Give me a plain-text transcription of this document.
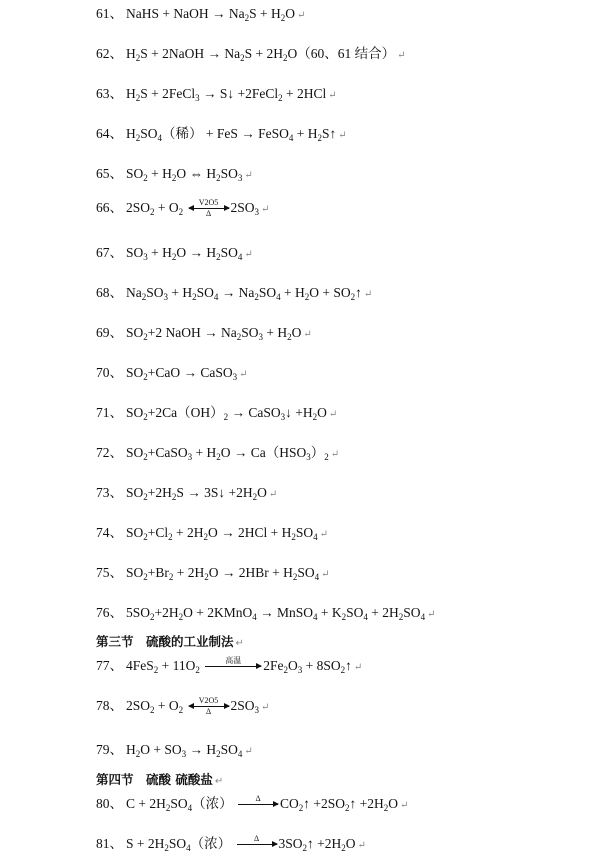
61、 NaHS + NaOH → $Na_2S + H_2O$ ↵
62、 $H_2S$ + 2NaOH → $Na_2S + 2H_2O(60$、61 结合） ↵
63、 $H_2S$ + 2FeCl$_3$ → S↓ +2FeCl$_2$ + 2HCl ↵
64、 $H_2SO_4$（稀） + FeS → FeSO$_4$ + $H_2S↑$ ↵
65、 $SO_2 + H_2O$ ⇔ $H_2SO_3$ ↵
66、 $2SO_2 + O_2 \frac{V2O5}{\Delta} 2SO_3$ ↵
67、 $SO_3 + H_2O \to H_2SO_4$ ↵
68、 $Na_2SO_3 + H_2SO_4 \to Na_2SO_4 + H_2O$ + $SO_2↑$ ↵
69、 $SO_2+2$ NaOH → $Na_2SO_3 + H_2O$ ↵
70、 $SO_2+CaO$ → CaSO$_3$ ↵
71、 $SO_2+2Ca(OH)_2$ → CaSO$_3$↓ $+H_2O$ ↵
72、 $SO_2+CaSO_3 + H_2O \to Ca(HSO_3)_2$ ↵
73、 $SO_2+2H_2S$ → 3S↓ $+2H_2O$ ↵
74、 $SO_2+Cl_2 + 2H_2O \to 2HCl + H_2SO_4$ ↵
75、 $SO_2+Br_2 + 2H_2O \to 2HBr + H_2SO_4$ ↵
76、 $5SO_2+2H_2O$ + 2KMnO$_4$ → MnSO$_4$ + $K_2SO_4 + 2H_2SO_4$ ↵
第三节　硫酸的工业制法 ↵
77、 $4FeS_2 + 11O_2$
高温	$2Fe_2O_3$ + $8SO_2↑$ ↵
78、 $2SO_2 + O_2 \frac{V2O5}{\Delta} 2SO_3$ ↵
79、 $H_2O + SO_3 \to H_2SO_4$ ↵
第四节　硫酸 硫酸盐 ↵
80、 $C + 2H_2SO_4$（浓）	Δ	$CO_2↑$ $+2SO_2↑ +2H_2O$ ↵
81、 $S + 2H_2SO_4$（浓）	Δ	$3SO_2↑ +2H_2O$ ↵
